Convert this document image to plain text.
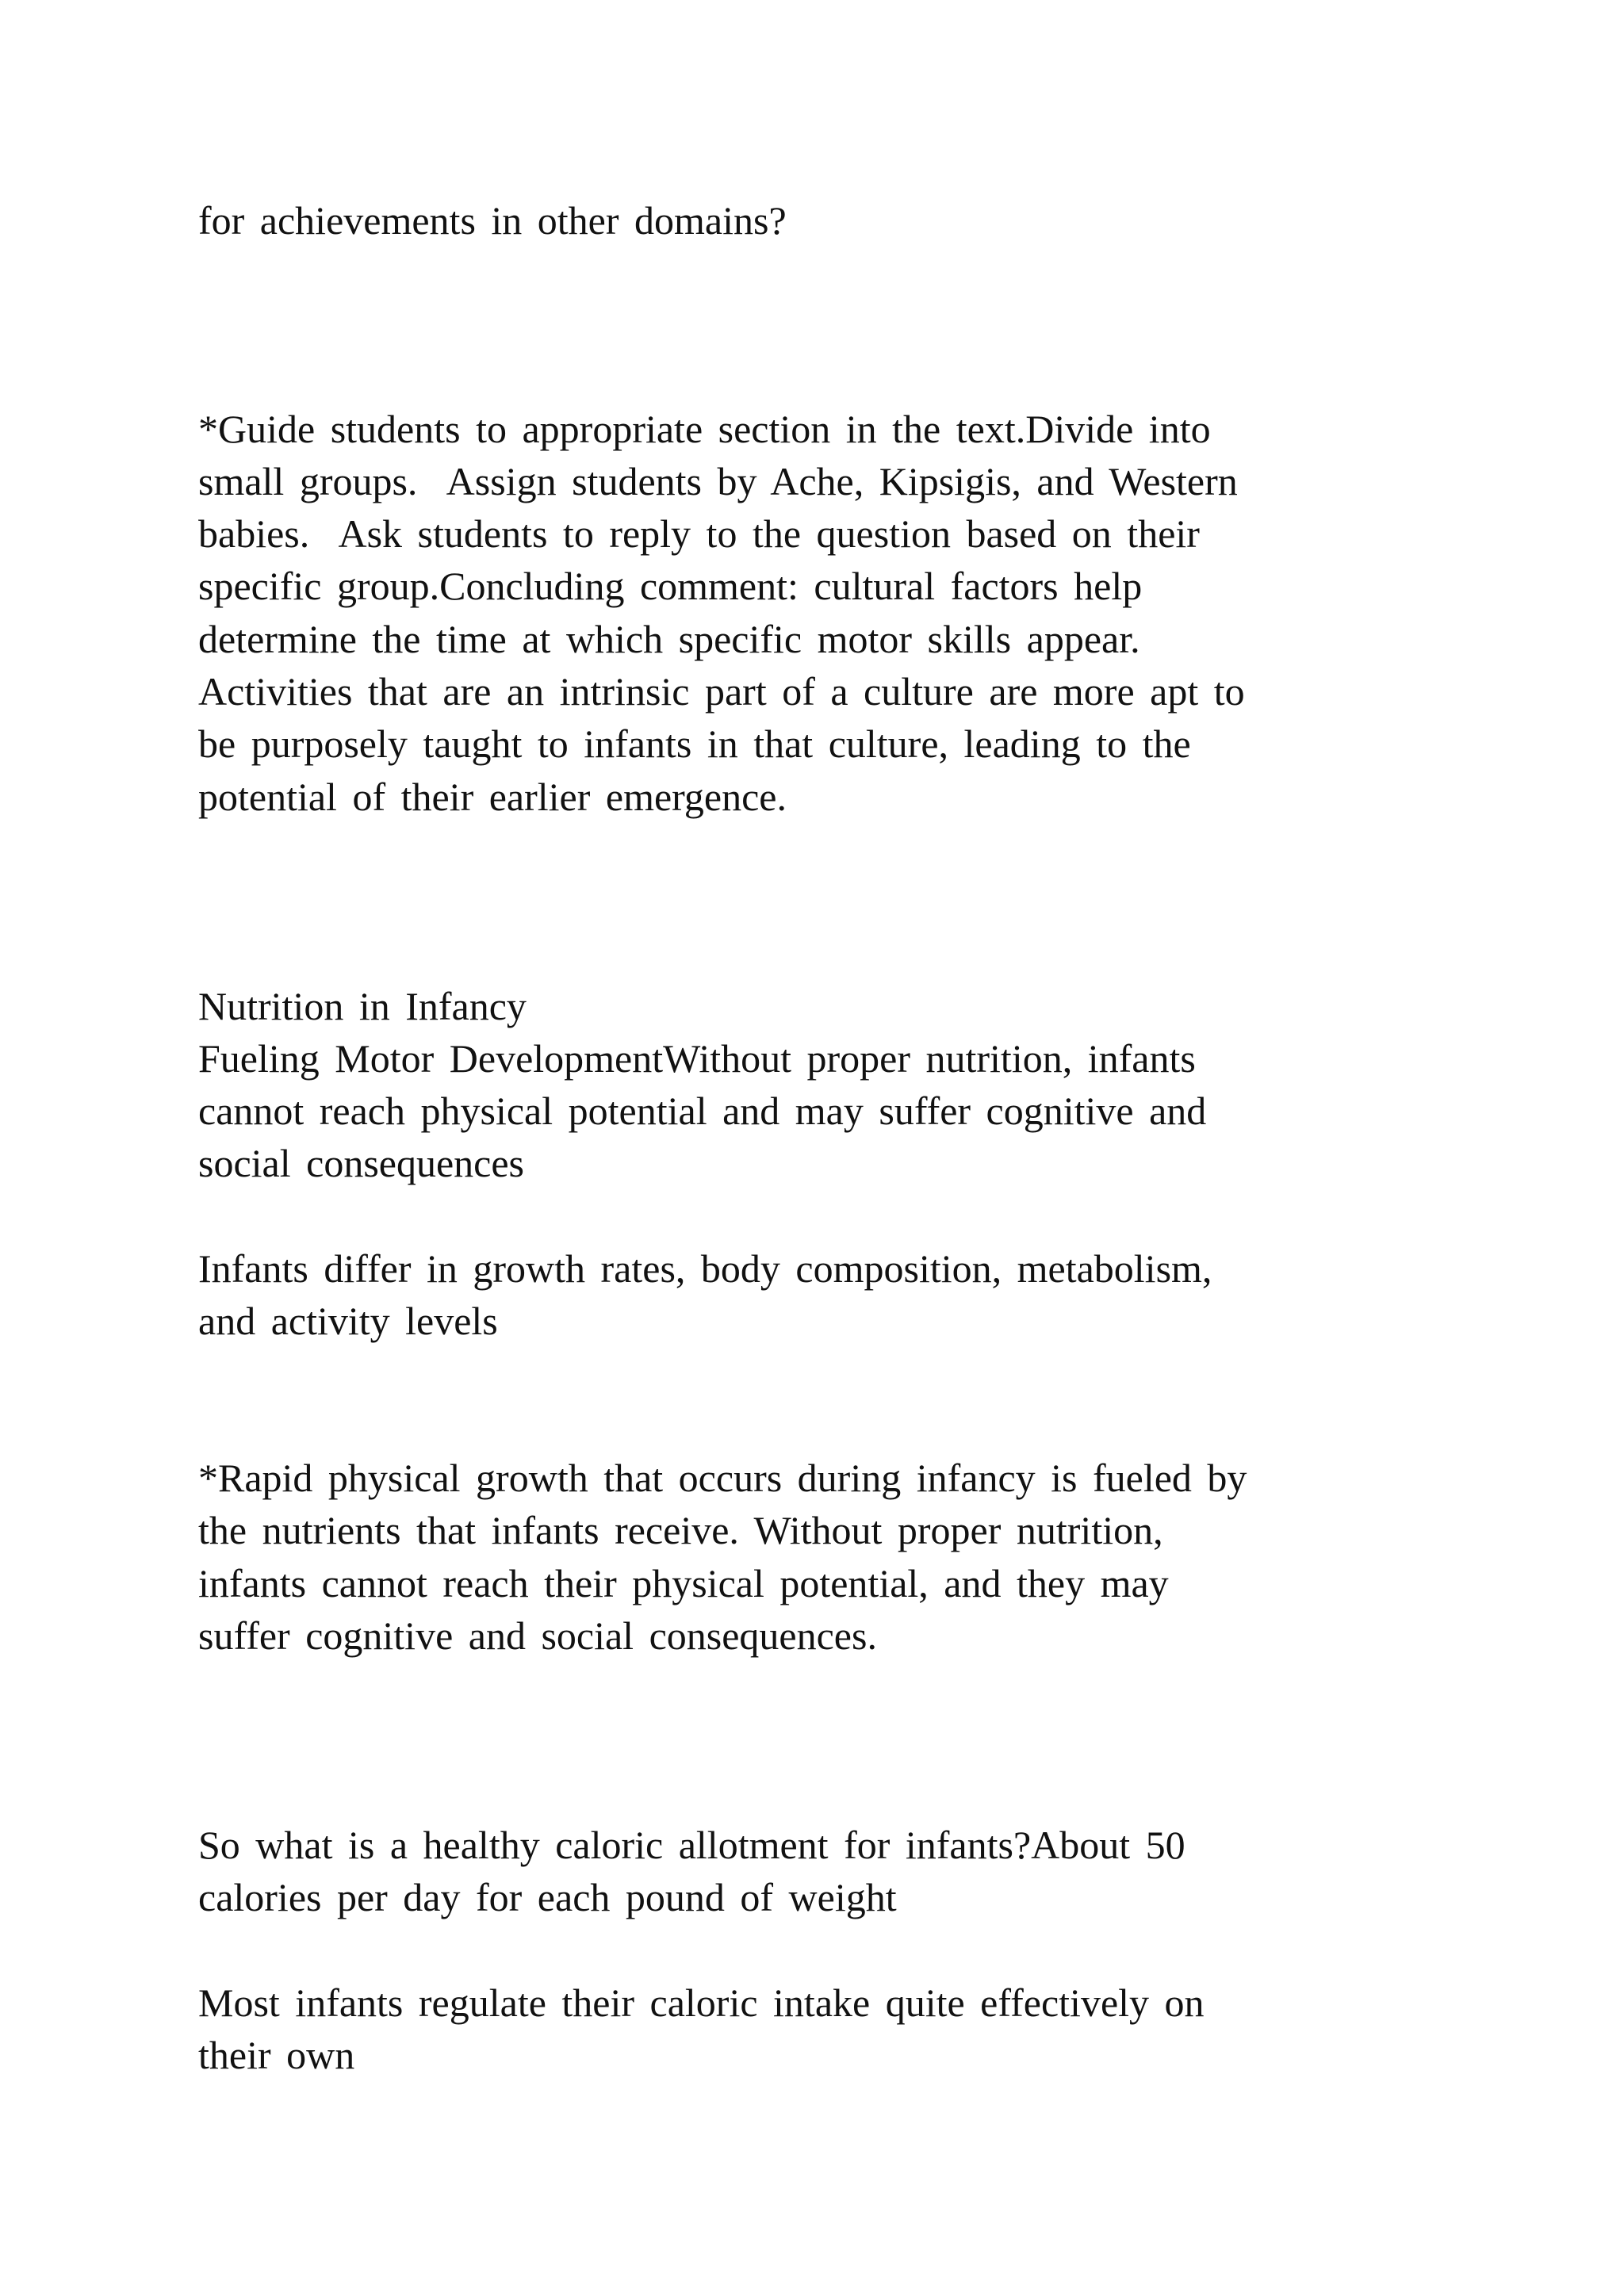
for achievements in other domains?

*Guide students to appropriate section in the text.Divide into

small groups.  Assign students by Ache, Kipsigis, and Western

babies.  Ask students to reply to the question based on their

specific group.Concluding comment: cultural factors help

determine the time at which specific motor skills appear.

Activities that are an intrinsic part of a culture are more apt to

be purposely taught to infants in that culture, leading to the

potential of their earlier emergence.

Nutrition in Infancy

Fueling Motor DevelopmentWithout proper nutrition, infants

cannot reach physical potential and may suffer cognitive and

social consequences

Infants differ in growth rates, body composition, metabolism,

and activity levels

*Rapid physical growth that occurs during infancy is fueled by

the nutrients that infants receive. Without proper nutrition,

infants cannot reach their physical potential, and they may

suffer cognitive and social consequences.

So what is a healthy caloric allotment for infants?About 50

calories per day for each pound of weight

Most infants regulate their caloric intake quite effectively on

their own
